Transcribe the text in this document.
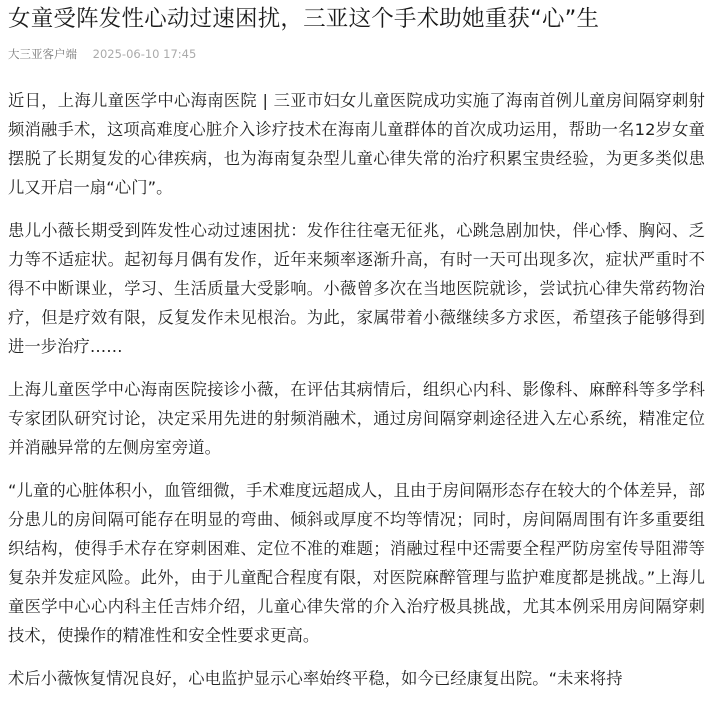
女童受阵发性心动过速困扰，三亚这个手术助她重获“心”生
大三亚客户端 2025-06-10 17:45

近日，上海儿童医学中心海南医院 | 三亚市妇女儿童医院成功实施了海南首例儿童房间隔穿刺射频消融手术，这项高难度心脏介入诊疗技术在海南儿童群体的首次成功运用，帮助一名12岁女童摆脱了长期复发的心律疾病，也为海南复杂型儿童心律失常的治疗积累宝贵经验，为更多类似患儿又开启一扇“心门”。

患儿小薇长期受到阵发性心动过速困扰：发作往往毫无征兆，心跳急剧加快，伴心悸、胸闷、乏力等不适症状。起初每月偶有发作，近年来频率逐渐升高，有时一天可出现多次，症状严重时不得不中断课业，学习、生活质量大受影响。小薇曾多次在当地医院就诊，尝试抗心律失常药物治疗，但是疗效有限，反复发作未见根治。为此，家属带着小薇继续多方求医，希望孩子能够得到进一步治疗……

上海儿童医学中心海南医院接诊小薇，在评估其病情后，组织心内科、影像科、麻醉科等多学科专家团队研究讨论，决定采用先进的射频消融术，通过房间隔穿刺途径进入左心系统，精准定位并消融异常的左侧房室旁道。

“儿童的心脏体积小，血管细微，手术难度远超成人，且由于房间隔形态存在较大的个体差异，部分患儿的房间隔可能存在明显的弯曲、倾斜或厚度不均等情况；同时，房间隔周围有许多重要组织结构，使得手术存在穿刺困难、定位不准的难题；消融过程中还需要全程严防房室传导阻滞等复杂并发症风险。此外，由于儿童配合程度有限，对医院麻醉管理与监护难度都是挑战。”上海儿童医学中心心内科主任吉炜介绍，儿童心律失常的介入治疗极具挑战，尤其本例采用房间隔穿刺技术，使操作的精准性和安全性要求更高。

术后小薇恢复情况良好，心电监护显示心率始终平稳，如今已经康复出院。“未来将持
